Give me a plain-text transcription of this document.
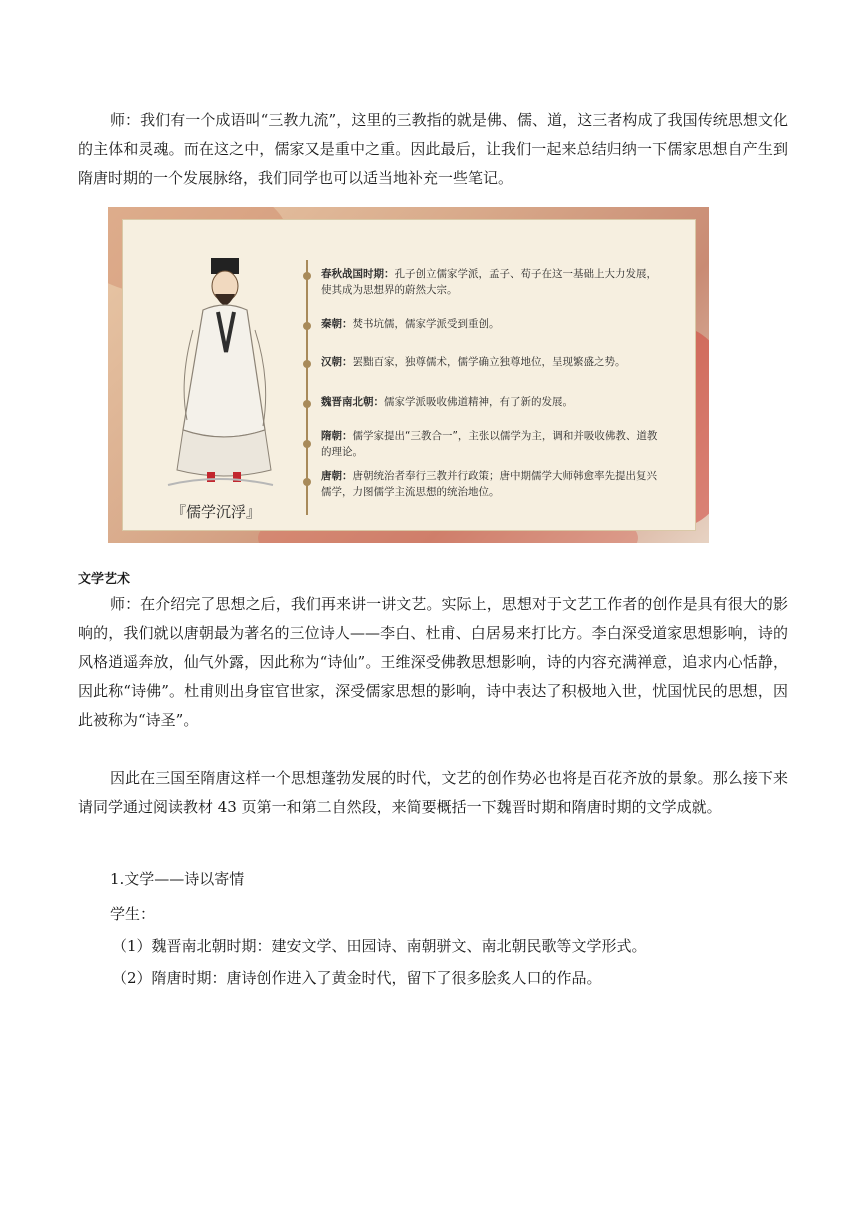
师：我们有一个成语叫“三教九流”，这里的三教指的就是佛、儒、道，这三者构成了我国传统思想文化的主体和灵魂。而在这之中，儒家又是重中之重。因此最后，让我们一起来总结归纳一下儒家思想自产生到隋唐时期的一个发展脉络，我们同学也可以适当地补充一些笔记。

『儒学沉浮』
春秋战国时期：孔子创立儒家学派，孟子、荀子在这一基础上大力发展，使其成为思想界的蔚然大宗。
秦朝：焚书坑儒，儒家学派受到重创。
汉朝：罢黜百家，独尊儒术，儒学确立独尊地位，呈现繁盛之势。
魏晋南北朝：儒家学派吸收佛道精神，有了新的发展。
隋朝：儒学家提出“三教合一”，主张以儒学为主，调和并吸收佛教、道教的理论。
唐朝：唐朝统治者奉行三教并行政策；唐中期儒学大师韩愈率先提出复兴儒学，力图儒学主流思想的统治地位。
文学艺术

师：在介绍完了思想之后，我们再来讲一讲文艺。实际上，思想对于文艺工作者的创作是具有很大的影响的，我们就以唐朝最为著名的三位诗人——李白、杜甫、白居易来打比方。李白深受道家思想影响，诗的风格逍遥奔放，仙气外露，因此称为“诗仙”。王维深受佛教思想影响，诗的内容充满禅意，追求内心恬静，因此称“诗佛”。杜甫则出身宦官世家，深受儒家思想的影响，诗中表达了积极地入世，忧国忧民的思想，因此被称为“诗圣”。

因此在三国至隋唐这样一个思想蓬勃发展的时代，文艺的创作势必也将是百花齐放的景象。那么接下来请同学通过阅读教材 43 页第一和第二自然段，来简要概括一下魏晋时期和隋唐时期的文学成就。

1.文学——诗以寄情

学生：

（1）魏晋南北朝时期：建安文学、田园诗、南朝骈文、南北朝民歌等文学形式。

（2）隋唐时期：唐诗创作进入了黄金时代，留下了很多脍炙人口的作品。
